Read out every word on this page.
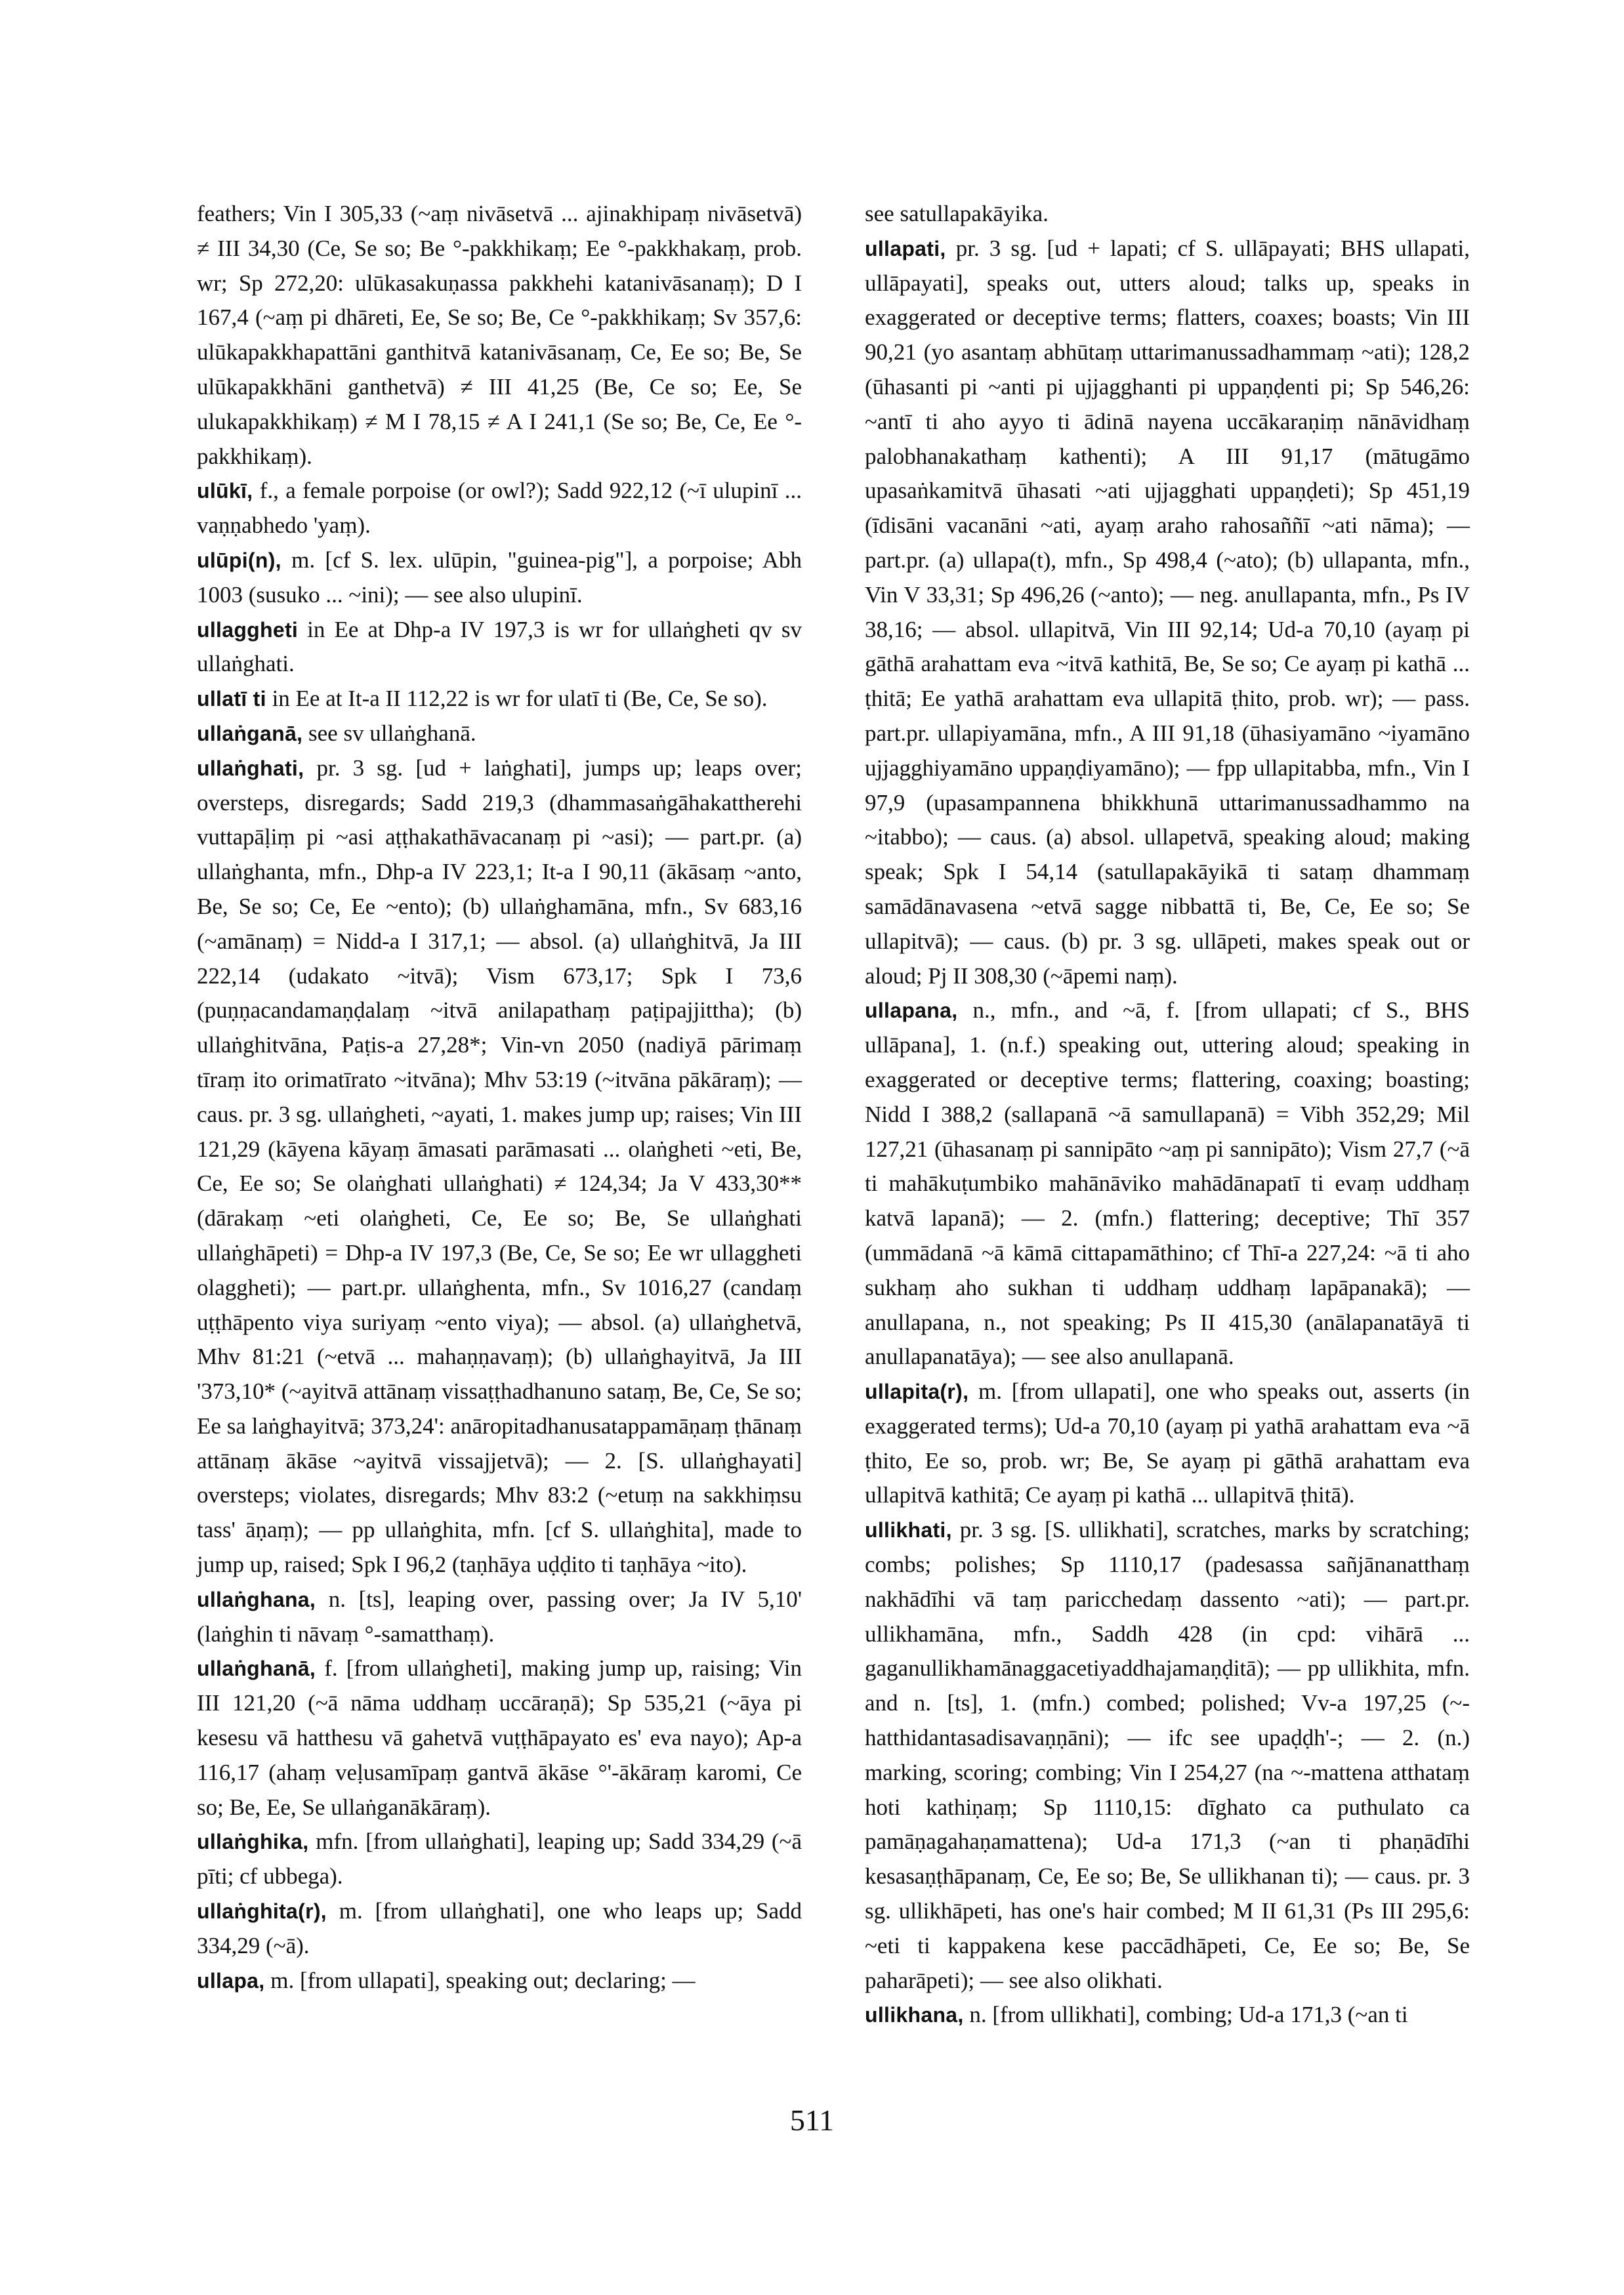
feathers; Vin I 305,33 (~aṃ nivāsetvā ... ajinakhipaṃ nivāsetvā) ≠ III 34,30 (Ce, Se so; Be °-pakkhikaṃ; Ee °-pakkhakaṃ, prob. wr; Sp 272,20: ulūkasakuṇassa pakkhehi katanivāsanaṃ); D I 167,4 (~aṃ pi dhāreti, Ee, Se so; Be, Ce °-pakkhikaṃ; Sv 357,6: ulūkapakkhapattāni ganthitvā katanivāsanaṃ, Ce, Ee so; Be, Se ulūkapakkhāni ganthetvā) ≠ III 41,25 (Be, Ce so; Ee, Se ulukapakkhikaṃ) ≠ M I 78,15 ≠ A I 241,1 (Se so; Be, Ce, Ee °-pakkhikaṃ).

ulūkī, f., a female porpoise (or owl?); Sadd 922,12 (~ī ulupinī ... vaṇṇabhedo 'yaṃ).

ulūpi(n), m. [cf S. lex. ulūpin, "guinea-pig"], a porpoise; Abh 1003 (susuko ... ~ini); — see also ulupinī.

ullaggheti in Ee at Dhp-a IV 197,3 is wr for ullaṅgheti qv sv ullaṅghati.

ullatī ti in Ee at It-a II 112,22 is wr for ulatī ti (Be, Ce, Se so).

ullaṅganā, see sv ullaṅghanā.

ullaṅghati, pr. 3 sg. [ud + laṅghati], jumps up; leaps over; oversteps, disregards; Sadd 219,3 (dhammasaṅgāhakattherehi vuttapāḷiṃ pi ~asi aṭṭhakathāvacanaṃ pi ~asi); — part.pr. (a) ullaṅghanta, mfn., Dhp-a IV 223,1; It-a I 90,11 (ākāsaṃ ~anto, Be, Se so; Ce, Ee ~ento); (b) ullaṅghamāna, mfn., Sv 683,16 (~amānaṃ) = Nidd-a I 317,1; — absol. (a) ullaṅghitvā, Ja III 222,14 (udakato ~itvā); Vism 673,17; Spk I 73,6 (puṇṇacandamaṇḍalaṃ ~itvā anilapathaṃ paṭipajjittha); (b) ullaṅghitvāna, Paṭis-a 27,28*; Vin-vn 2050 (nadiyā pārimaṃ tīraṃ ito orimatīrato ~itvāna); Mhv 53:19 (~itvāna pākāraṃ); — caus. pr. 3 sg. ullaṅgheti, ~ayati, 1. makes jump up; raises; Vin III 121,29 (kāyena kāyaṃ āmasati parāmasati ... olaṅgheti ~eti, Be, Ce, Ee so; Se olaṅghati ullaṅghati) ≠ 124,34; Ja V 433,30** (dārakaṃ ~eti olaṅgheti, Ce, Ee so; Be, Se ullaṅghati ullaṅghāpeti) = Dhp-a IV 197,3 (Be, Ce, Se so; Ee wr ullaggheti olaggheti); — part.pr. ullaṅghenta, mfn., Sv 1016,27 (candaṃ uṭṭhāpento viya suriyaṃ ~ento viya); — absol. (a) ullaṅghetvā, Mhv 81:21 (~etvā ... mahaṇṇavaṃ); (b) ullaṅghayitvā, Ja III '373,10* (~ayitvā attānaṃ vissaṭṭhadhanuno sataṃ, Be, Ce, Se so; Ee sa laṅghayitvā; 373,24': anāropitadhanusatappamāṇaṃ ṭhānaṃ attānaṃ ākāse ~ayitvā vissajjetvā); — 2. [S. ullaṅghayati] oversteps; violates, disregards; Mhv 83:2 (~etuṃ na sakkhiṃsu tass' āṇaṃ); — pp ullaṅghita, mfn. [cf S. ullaṅghita], made to jump up, raised; Spk I 96,2 (taṇhāya uḍḍito ti taṇhāya ~ito).

ullaṅghana, n. [ts], leaping over, passing over; Ja IV 5,10' (laṅghin ti nāvaṃ °-samatthaṃ).

ullaṅghanā, f. [from ullaṅgheti], making jump up, raising; Vin III 121,20 (~ā nāma uddhaṃ uccāraṇā); Sp 535,21 (~āya pi kesesu vā hatthesu vā gahetvā vuṭṭhāpayato es' eva nayo); Ap-a 116,17 (ahaṃ veḷusamīpaṃ gantvā ākāse °'-ākāraṃ karomi, Ce so; Be, Ee, Se ullaṅganākāraṃ).

ullaṅghika, mfn. [from ullaṅghati], leaping up; Sadd 334,29 (~ā pīti; cf ubbega).

ullaṅghita(r), m. [from ullaṅghati], one who leaps up; Sadd 334,29 (~ā).

ullapa, m. [from ullapati], speaking out; declaring; —

see satullapakāyika.

ullapati, pr. 3 sg. [ud + lapati; cf S. ullāpayati; BHS ullapati, ullāpayati], speaks out, utters aloud; talks up, speaks in exaggerated or deceptive terms; flatters, coaxes; boasts; Vin III 90,21 (yo asantaṃ abhūtaṃ uttarimanussadhammaṃ ~ati); 128,2 (ūhasanti pi ~anti pi ujjagghanti pi uppaṇḍenti pi; Sp 546,26: ~antī ti aho ayyo ti ādinā nayena uccākaraṇiṃ nānāvidhaṃ palobhanakathaṃ kathenti); A III 91,17 (mātugāmo upasaṅkamitvā ūhasati ~ati ujjagghati uppaṇḍeti); Sp 451,19 (īdisāni vacanāni ~ati, ayaṃ araho rahosaññī ~ati nāma); — part.pr. (a) ullapa(t), mfn., Sp 498,4 (~ato); (b) ullapanta, mfn., Vin V 33,31; Sp 496,26 (~anto); — neg. anullapanta, mfn., Ps IV 38,16; — absol. ullapitvā, Vin III 92,14; Ud-a 70,10 (ayaṃ pi gāthā arahattam eva ~itvā kathitā, Be, Se so; Ce ayaṃ pi kathā ... ṭhitā; Ee yathā arahattam eva ullapitā ṭhito, prob. wr); — pass. part.pr. ullapiyamāna, mfn., A III 91,18 (ūhasiyamāno ~iyamāno ujjagghiyamāno uppaṇḍiyamāno); — fpp ullapitabba, mfn., Vin I 97,9 (upasampannena bhikkhunā uttarimanussadhammo na ~itabbo); — caus. (a) absol. ullapetvā, speaking aloud; making speak; Spk I 54,14 (satullapakāyikā ti sataṃ dhammaṃ samādānavasena ~etvā sagge nibbattā ti, Be, Ce, Ee so; Se ullapitvā); — caus. (b) pr. 3 sg. ullāpeti, makes speak out or aloud; Pj II 308,30 (~āpemi naṃ).

ullapana, n., mfn., and ~ā, f. [from ullapati; cf S., BHS ullāpana], 1. (n.f.) speaking out, uttering aloud; speaking in exaggerated or deceptive terms; flattering, coaxing; boasting; Nidd I 388,2 (sallapanā ~ā samullapanā) = Vibh 352,29; Mil 127,21 (ūhasanaṃ pi sannipāto ~aṃ pi sannipāto); Vism 27,7 (~ā ti mahākuṭumbiko mahānāviko mahādānapatī ti evaṃ uddhaṃ katvā lapanā); — 2. (mfn.) flattering; deceptive; Thī 357 (ummādanā ~ā kāmā cittapamāthino; cf Thī-a 227,24: ~ā ti aho sukhaṃ aho sukhan ti uddhaṃ uddhaṃ lapāpanakā); — anullapana, n., not speaking; Ps II 415,30 (anālapanatāyā ti anullapanatāya); — see also anullapanā.

ullapita(r), m. [from ullapati], one who speaks out, asserts (in exaggerated terms); Ud-a 70,10 (ayaṃ pi yathā arahattam eva ~ā ṭhito, Ee so, prob. wr; Be, Se ayaṃ pi gāthā arahattam eva ullapitvā kathitā; Ce ayaṃ pi kathā ... ullapitvā ṭhitā).

ullikhati, pr. 3 sg. [S. ullikhati], scratches, marks by scratching; combs; polishes; Sp 1110,17 (padesassa sañjānanatthaṃ nakhādīhi vā taṃ paricchedaṃ dassento ~ati); — part.pr. ullikhamāna, mfn., Saddh 428 (in cpd: vihārā ... gaganullikhamānaggacetiyaddhajamaṇḍitā); — pp ullikhita, mfn. and n. [ts], 1. (mfn.) combed; polished; Vv-a 197,25 (~-hatthidantasadisavaṇṇāni); — ifc see upaḍḍh'-; — 2. (n.) marking, scoring; combing; Vin I 254,27 (na ~-mattena atthataṃ hoti kathiṇaṃ; Sp 1110,15: dīghato ca puthulato ca pamāṇagahaṇamattena); Ud-a 171,3 (~an ti phaṇādīhi kesasaṇṭhāpanaṃ, Ce, Ee so; Be, Se ullikhanan ti); — caus. pr. 3 sg. ullikhāpeti, has one's hair combed; M II 61,31 (Ps III 295,6: ~eti ti kappakena kese paccādhāpeti, Ce, Ee so; Be, Se paharāpeti); — see also olikhati.

ullikhana, n. [from ullikhati], combing; Ud-a 171,3 (~an ti

511
